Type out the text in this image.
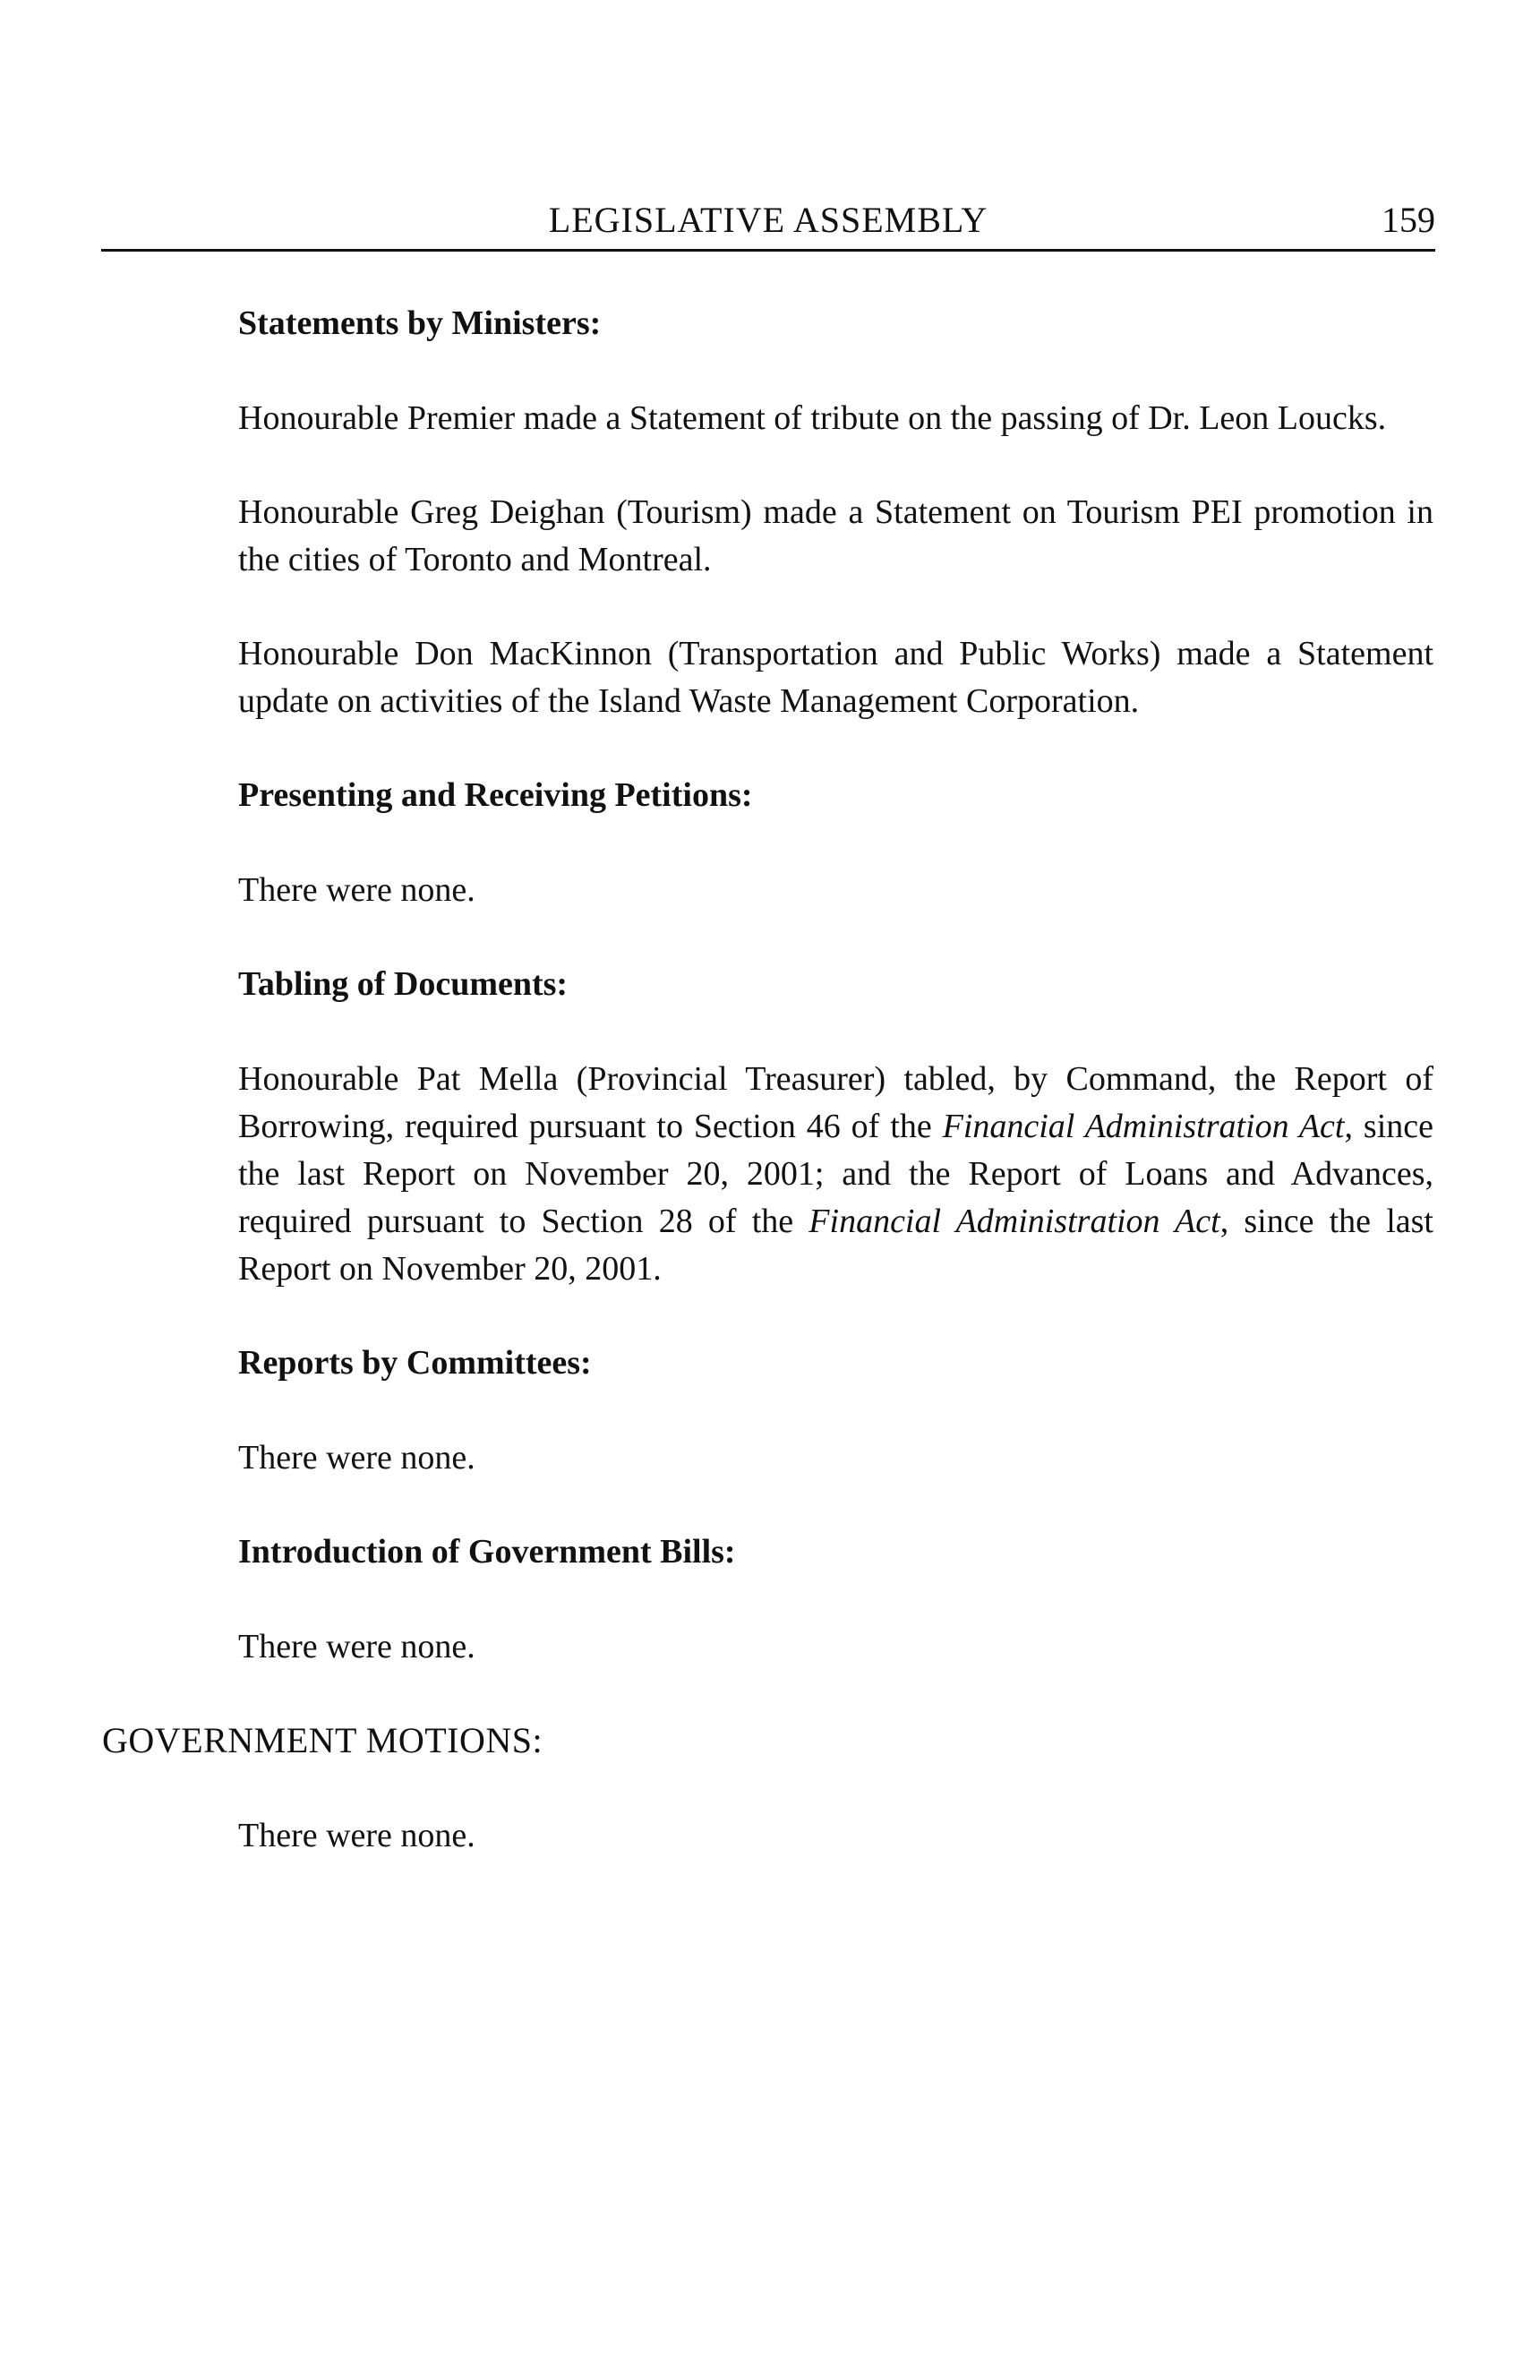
LEGISLATIVE ASSEMBLY	159

Statements by Ministers:

Honourable Premier made a Statement of tribute on the passing of Dr. Leon Loucks.

Honourable Greg Deighan (Tourism) made a Statement on Tourism PEI promotion in the cities of Toronto and Montreal.

Honourable Don MacKinnon (Transportation and Public Works) made a Statement update on activities of the Island Waste Management Corporation.

Presenting and Receiving Petitions:

There were none.

Tabling of Documents:

Honourable Pat Mella (Provincial Treasurer) tabled, by Command, the Report of Borrowing, required pursuant to Section 46 of the Financial Administration Act, since the last Report on November 20, 2001; and the Report of Loans and Advances, required pursuant to Section 28 of the Financial Administration Act, since the last Report on November 20, 2001.

Reports by Committees:

There were none.

Introduction of Government Bills:

There were none.

GOVERNMENT MOTIONS:

There were none.
